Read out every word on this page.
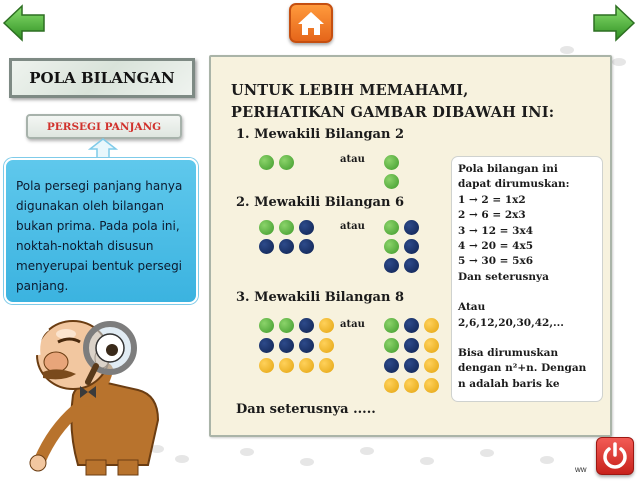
POLA BILANGAN
PERSEGI PANJANG
Pola persegi panjang hanya digunakan oleh bilangan bukan prima. Pada pola ini, noktah-noktah disusun menyerupai bentuk persegi panjang.
UNTUK LEBIH MEMAHAMI,
PERHATIKAN GAMBAR DIBAWAH INI:
1. Mewakili Bilangan 2
atau
2. Mewakili Bilangan 6
atau
3. Mewakili Bilangan 8
atau
Dan seterusnya .....
Pola bilangan ini
dapat dirumuskan:
1 → 2 = 1x2
2 → 6 = 2x3
3 → 12 = 3x4
4 → 20 = 4x5
5 → 30 = 5x6
Dan seterusnya
Atau
2,6,12,20,30,42,...
Bisa dirumuskan
dengan n²+n. Dengan
n adalah baris ke
ww
